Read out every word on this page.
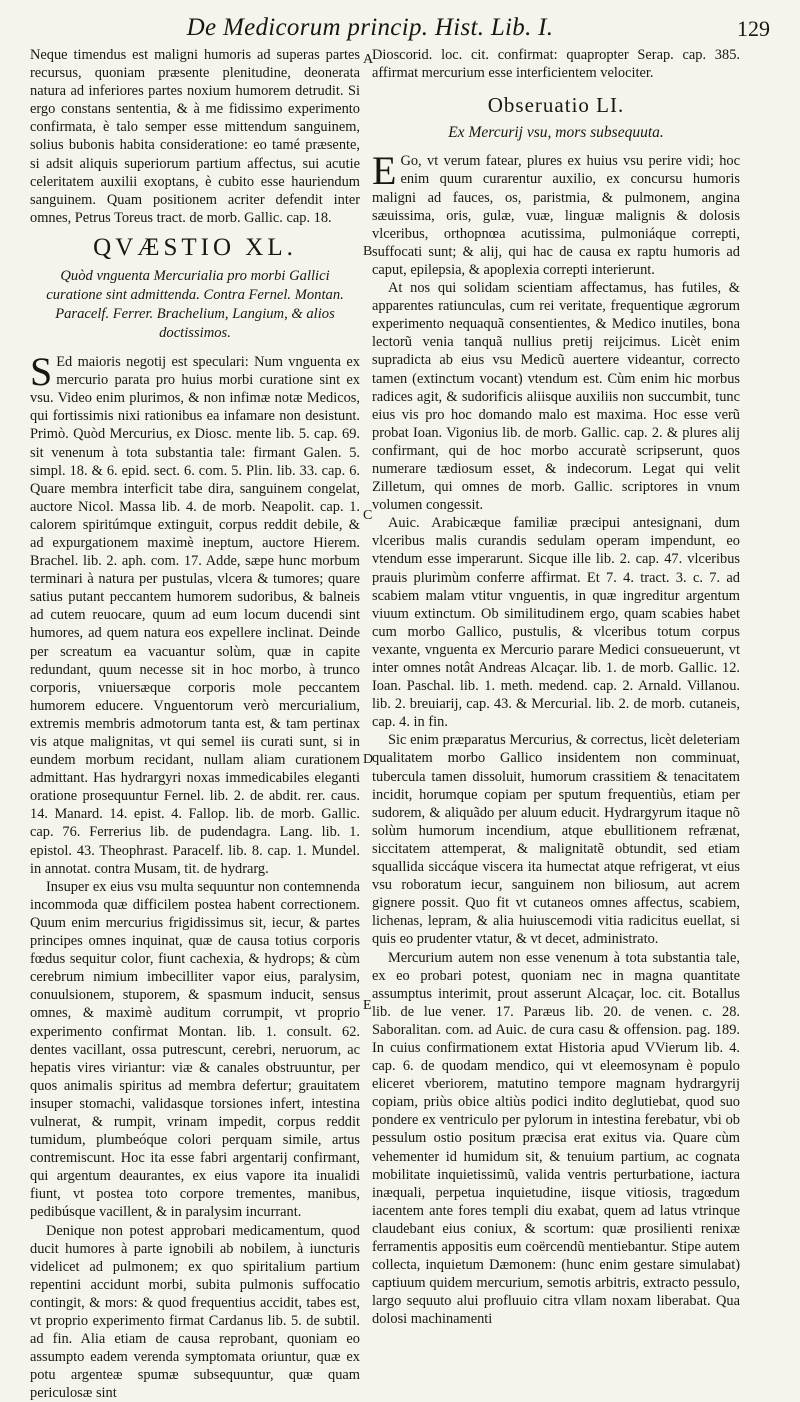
De Medicorum princip. Hist. Lib. I.	129

Neque timendus est maligni humoris ad superas partes recursus, quoniam præsente plenitudine, deonerata natura ad inferiores partes noxium humorem detrudit. Si ergo constans sententia, & à me fidissimo experimento confirmata, è talo semper esse mittendum sanguinem, solius bubonis habita consideratione: eo tamé præsente, si adsit aliquis superiorum partium affectus, sui acutie celeritatem auxilii exoptans, è cubito esse hauriendum sanguinem. Quam positionem acriter defendit inter omnes, Petrus Toreus tract. de morb. Gallic. cap. 18.

QVÆSTIO XL.
Quòd vnguenta Mercurialia pro morbi Gallici curatione sint admittenda. Contra Fernel. Montan. Paracelf. Ferrer. Brachelium, Langium, & alios doctissimos.

S Ed maioris negotij est speculari: Num vnguenta ex mercurio parata pro huius morbi curatione sint ex vsu. Video enim plurimos, & non infimæ notæ Medicos, qui fortissimis nixi rationibus ea infamare non desistunt. Primò. Quòd Mercurius, ex Diosc. mente lib. 5. cap. 69. sit venenum à tota substantia tale: firmant Galen. 5. simpl. 18. & 6. epid. sect. 6. com. 5. Plin. lib. 33. cap. 6. Quare membra interficit tabe dira, sanguinem congelat, auctore Nicol. Massa lib. 4. de morb. Neapolit. cap. 1. calorem spiritúmque extinguit, corpus reddit debile, & ad expurgationem maximè ineptum, auctore Hierem. Brachel. lib. 2. aph. com. 17. Adde, sæpe hunc morbum terminari à natura per pustulas, vlcera & tumores; quare satius putant peccantem humorem sudoribus, & balneis ad cutem reuocare, quum ad eum locum ducendi sint humores, ad quem natura eos expellere inclinat. Deinde per screatum ea vacuantur solùm, quæ in capite redundant, quum necesse sit in hoc morbo, à trunco corporis, vniuersæque corporis mole peccantem humorem educere. Vnguentorum verò mercurialium, extremis membris admotorum tanta est, & tam pertinax vis atque malignitas, vt qui semel iis curati sunt, si in eundem morbum recidant, nullam aliam curationem admittant. Has hydrargyri noxas immedicabiles eleganti oratione prosequuntur Fernel. lib. 2. de abdit. rer. caus. 14. Manard. 14. epist. 4. Fallop. lib. de morb. Gallic. cap. 76. Ferrerius lib. de pudendagra. Lang. lib. 1. epistol. 43. Theophrast. Paracelf. lib. 8. cap. 1. Mundel. in annotat. contra Musam, tit. de hydrarg.

Insuper ex eius vsu multa sequuntur non contemnenda incommoda quæ difficilem postea habent correctionem. Quum enim mercurius frigidissimus sit, iecur, & partes principes omnes inquinat, quæ de causa totius corporis fœdus sequitur color, fiunt cachexia, & hydrops; & cùm cerebrum nimium imbecilliter vapor eius, paralysim, conuulsionem, stuporem, & spasmum inducit, sensus omnes, & maximè auditum corrumpit, vt proprio experimento confirmat Montan. lib. 1. consult. 62. dentes vacillant, ossa putrescunt, cerebri, neruorum, ac hepatis vires viriantur: viæ & canales obstruuntur, per quos animalis spiritus ad membra defertur; grauitatem insuper stomachi, validasque torsiones infert, intestina vulnerat, & rumpit, vrinam impedit, corpus reddit tumidum, plumbeóque colori perquam simile, artus contremiscunt. Hoc ita esse fabri argentarij confirmant, qui argentum deaurantes, ex eius vapore ita inualidi fiunt, vt postea toto corpore trementes, manibus, pedibúsque vacillent, & in paralysim incurrant.

Denique non potest approbari medicamentum, quod ducit humores à parte ignobili ab nobilem, à iuncturis videlicet ad pulmonem; ex quo spiritalium partium repentini accidunt morbi, subita pulmonis suffocatio contingit, & mors: & quod frequentius accidit, tabes est, vt proprio experimento firmat Cardanus lib. 5. de subtil. ad fin. Alia etiam de causa reprobant, quoniam eo assumpto eadem verenda symptomata oriuntur, quæ ex potu argenteæ spumæ subsequuntur, quæ quam periculosæ sint

A
B
C
D
E

Dioscorid. loc. cit. confirmat: quapropter Serap. cap. 385. affirmat mercurium esse interficientem velociter.

Obseruatio LI.
Ex Mercurij vsu, mors subsequuta.

E Go, vt verum fatear, plures ex huius vsu perire vidi; hoc enim quum curarentur auxilio, ex concursu humoris maligni ad fauces, os, paristmia, & pulmonem, angina sæuissima, oris, gulæ, vuæ, linguæ malignis & dolosis vlceribus, orthopnœa acutissima, pulmoniáque correpti, suffocati sunt; & alij, qui hac de causa ex raptu humoris ad caput, epilepsia, & apoplexia correpti interierunt.

At nos qui solidam scientiam affectamus, has futiles, & apparentes ratiunculas, cum rei veritate, frequentique ægrorum experimento nequaquã consentientes, & Medico inutiles, bona lectorũ venia tanquã nullius pretij reijcimus. Licèt enim supradicta ab eius vsu Medicũ auertere videantur, correcto tamen (extinctum vocant) vtendum est. Cùm enim hic morbus radices agit, & sudorificis aliisque auxiliis non succumbit, tunc eius vis pro hoc domando malo est maxima. Hoc esse verũ probat Ioan. Vigonius lib. de morb. Gallic. cap. 2. & plures alij confirmant, qui de hoc morbo accuratè scripserunt, quos numerare tædiosum esset, & indecorum. Legat qui velit Zilletum, qui omnes de morb. Gallic. scriptores in vnum volumen congessit.

Auic. Arabicæque familiæ præcipui antesignani, dum vlceribus malis curandis sedulam operam impendunt, eo vtendum esse imperarunt. Sicque ille lib. 2. cap. 47. vlceribus prauis plurimùm conferre affirmat. Et 7. 4. tract. 3. c. 7. ad scabiem malam vtitur vnguentis, in quæ ingreditur argentum viuum extinctum. Ob similitudinem ergo, quam scabies habet cum morbo Gallico, pustulis, & vlceribus totum corpus vexante, vnguenta ex Mercurio parare Medici consueuerunt, vt inter omnes notât Andreas Alcaçar. lib. 1. de morb. Gallic. 12. Ioan. Paschal. lib. 1. meth. medend. cap. 2. Arnald. Villanou. lib. 2. breuiarij, cap. 43. & Mercurial. lib. 2. de morb. cutaneis, cap. 4. in fin.

Sic enim præparatus Mercurius, & correctus, licèt deleteriam qualitatem morbo Gallico insidentem non comminuat, tubercula tamen dissoluit, humorum crassitiem & tenacitatem incidit, horumque copiam per sputum frequentiùs, etiam per sudorem, & aliquãdo per aluum educit. Hydrargyrum itaque nõ solùm humorum incendium, atque ebullitionem refrænat, siccitatem attemperat, & malignitatẽ obtundit, sed etiam squallida siccáque viscera ita humectat atque refrigerat, vt eius vsu roboratum iecur, sanguinem non biliosum, aut acrem gignere possit. Quo fit vt cutaneos omnes affectus, scabiem, lichenas, lepram, & alia huiuscemodi vitia radicitus euellat, si quis eo prudenter vtatur, & vt decet, administrato.

Mercurium autem non esse venenum à tota substantia tale, ex eo probari potest, quoniam nec in magna quantitate assumptus interimit, prout asserunt Alcaçar, loc. cit. Botallus lib. de lue vener. 17. Paræus lib. 20. de venen. c. 28. Saboralitan. com. ad Auic. de cura casu & offension. pag. 189. In cuius confirmationem extat Historia apud VVierum lib. 4. cap. 6. de quodam mendico, qui vt eleemosynam è populo eliceret vberiorem, matutino tempore magnam hydrargyrij copiam, priùs obice altiùs podici indito deglutiebat, quod suo pondere ex ventriculo per pylorum in intestina ferebatur, vbi ob pessulum ostio positum præcisa erat exitus via. Quare cùm vehementer id humidum sit, & tenuium partium, ac cognata mobilitate inquietissimũ, valida ventris perturbatione, iactura inæquali, perpetua inquietudine, iisque vitiosis, tragœdum iacentem ante fores templi diu exabat, quem ad latus vtrinque claudebant eius coniux, & scortum: quæ prosilienti renixæ ferramentis appositis eum coërcendũ mentiebantur. Stipe autem collecta, inquietum Dæmonem: (hunc enim gestare simulabat) captiuum quidem mercurium, semotis arbitris, extracto pessulo, largo sequuto alui profluuio citra vllam noxam liberabat. Qua dolosi machinamenti
